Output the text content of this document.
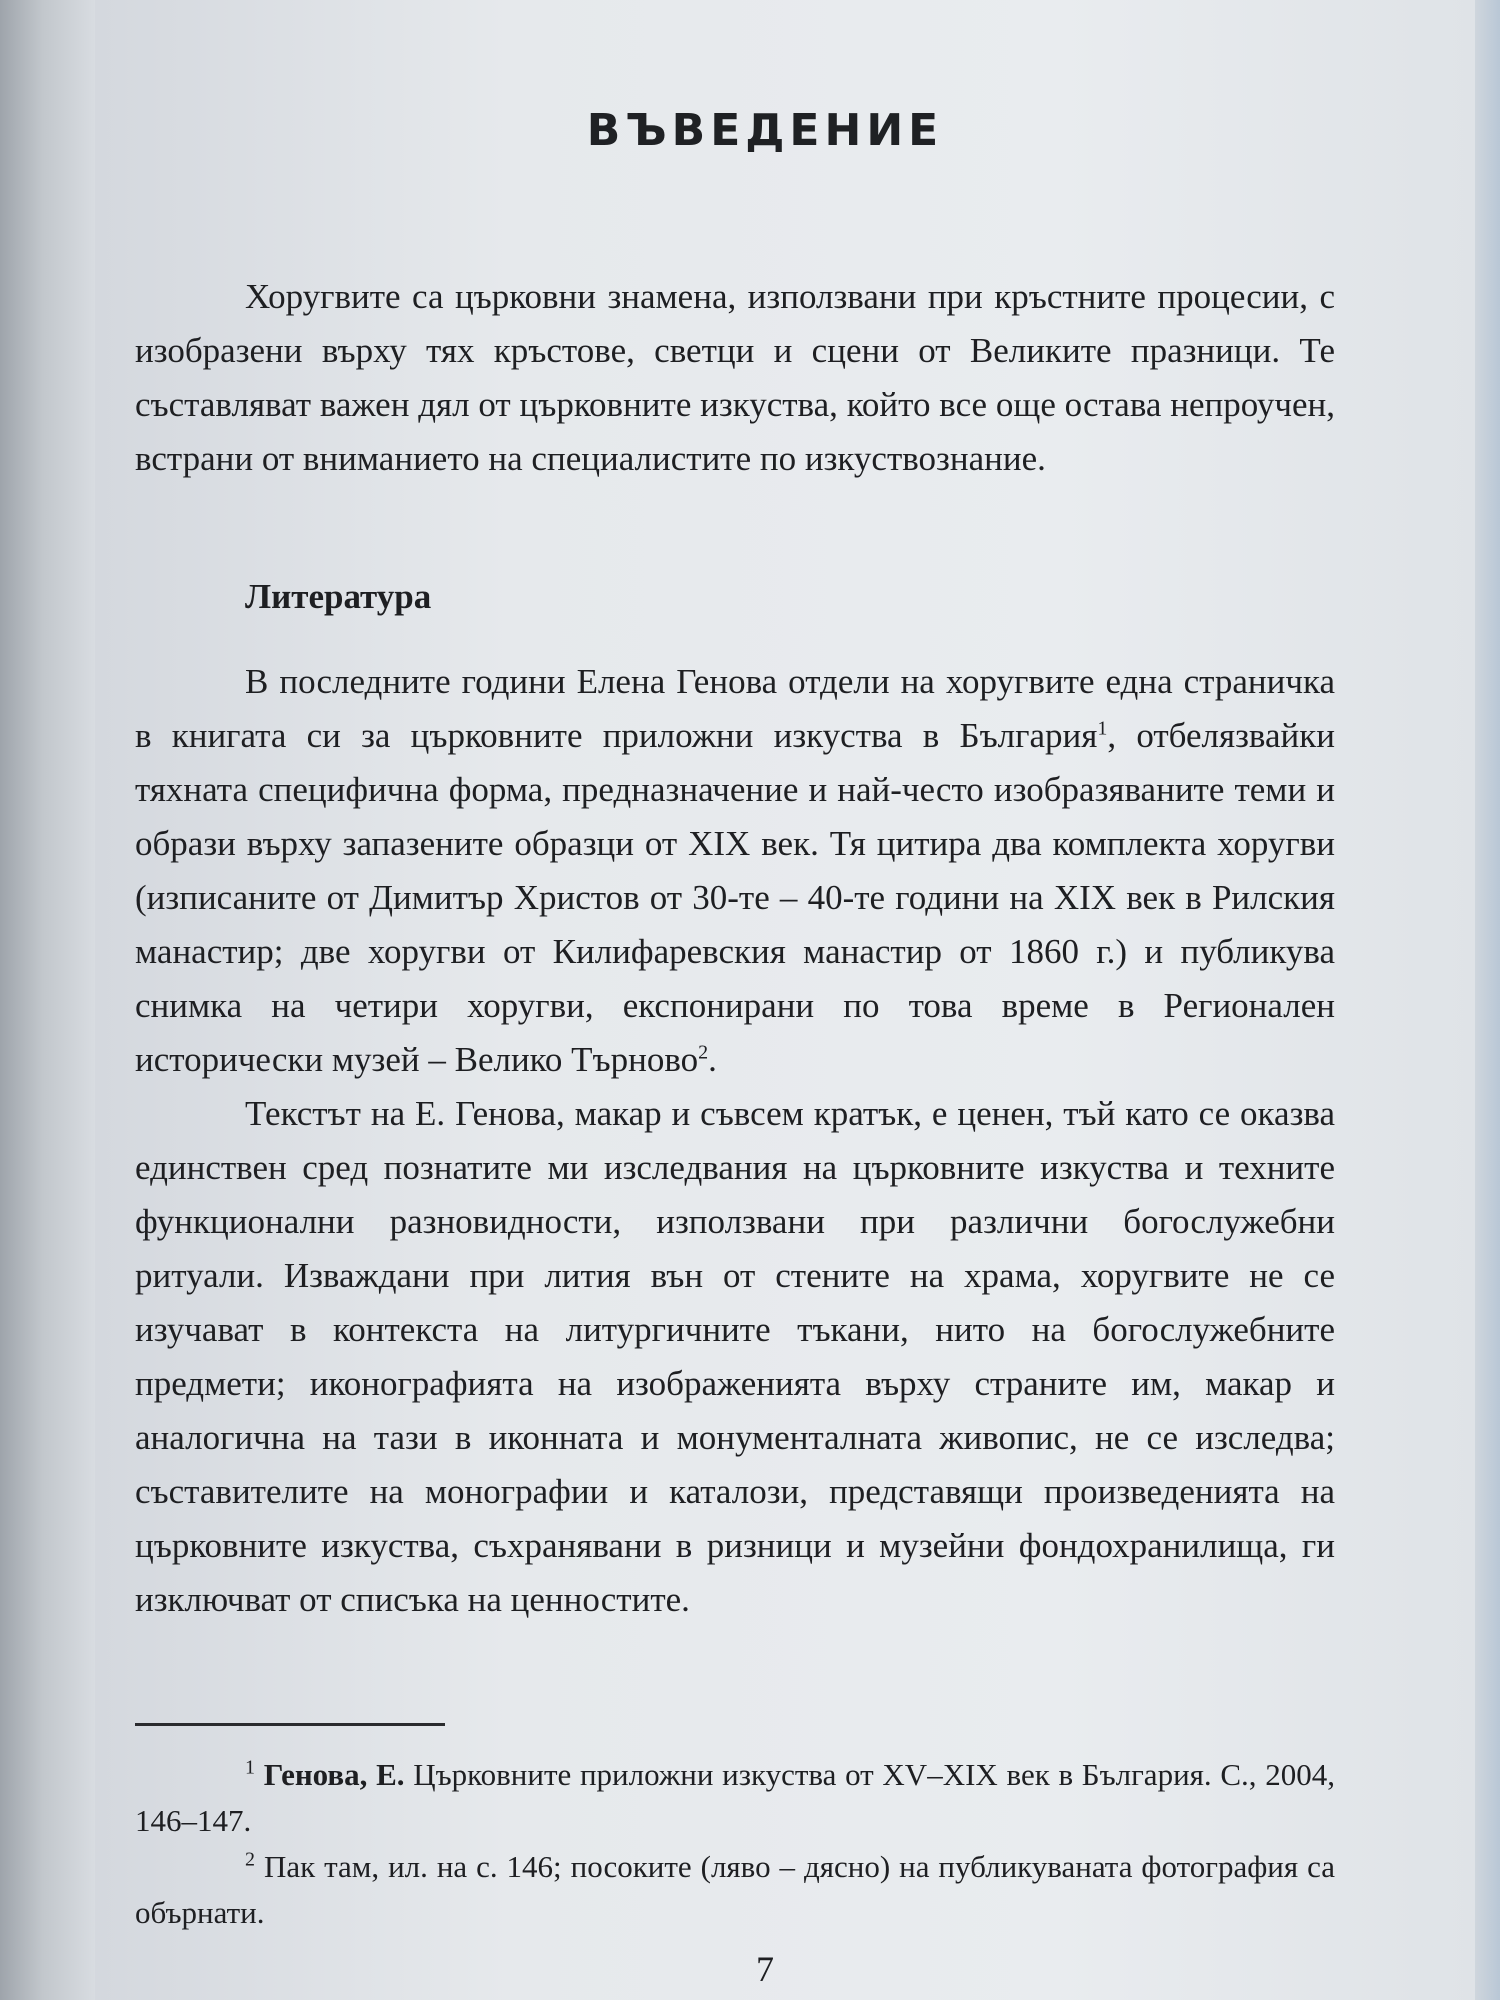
ВЪВЕДЕНИЕ

Хоругвите са църковни знамена, използвани при кръстните процесии, с изобразени върху тях кръстове, светци и сцени от Великите празници. Те съставляват важен дял от църковните изкуства, който все още остава непроучен, встрани от вниманието на специалистите по изкуствознание.

Литература

В последните години Елена Генова отдели на хоругвите една страничка в книгата си за църковните приложни изкуства в България$^1$, отбелязвайки тяхната специфична форма, предназначение и най-често изобразяваните теми и образи върху запазените образци от XIX век. Тя цитира два комплекта хоругви (изписаните от Димитър Христов от 30-те – 40-те години на XIX век в Рилския манастир; две хоругви от Килифаревския манастир от 1860 г.) и публикува снимка на четири хоругви, експонирани по това време в Регионален исторически музей – Велико Търново$^2$.

Текстът на Е. Генова, макар и съвсем кратък, е ценен, тъй като се оказва единствен сред познатите ми изследвания на църковните изкуства и техните функционални разновидности, използвани при различни богослужебни ритуали. Изваждани при лития вън от стените на храма, хоругвите не се изучават в контекста на литургичните тъкани, нито на богослужебните предмети; иконографията на изображенията върху страните им, макар и аналогична на тази в иконната и монументалната живопис, не се изследва; съставителите на монографии и каталози, представящи произведенията на църковните изкуства, съхранявани в ризници и музейни фондохранилища, ги изключват от списъка на ценностите.

$^1$ Генова, Е. Църковните приложни изкуства от XV–XIX век в България. С., 2004, 146–147.

$^2$ Пак там, ил. на с. 146; посоките (ляво – дясно) на публикуваната фотография са обърнати.

7
